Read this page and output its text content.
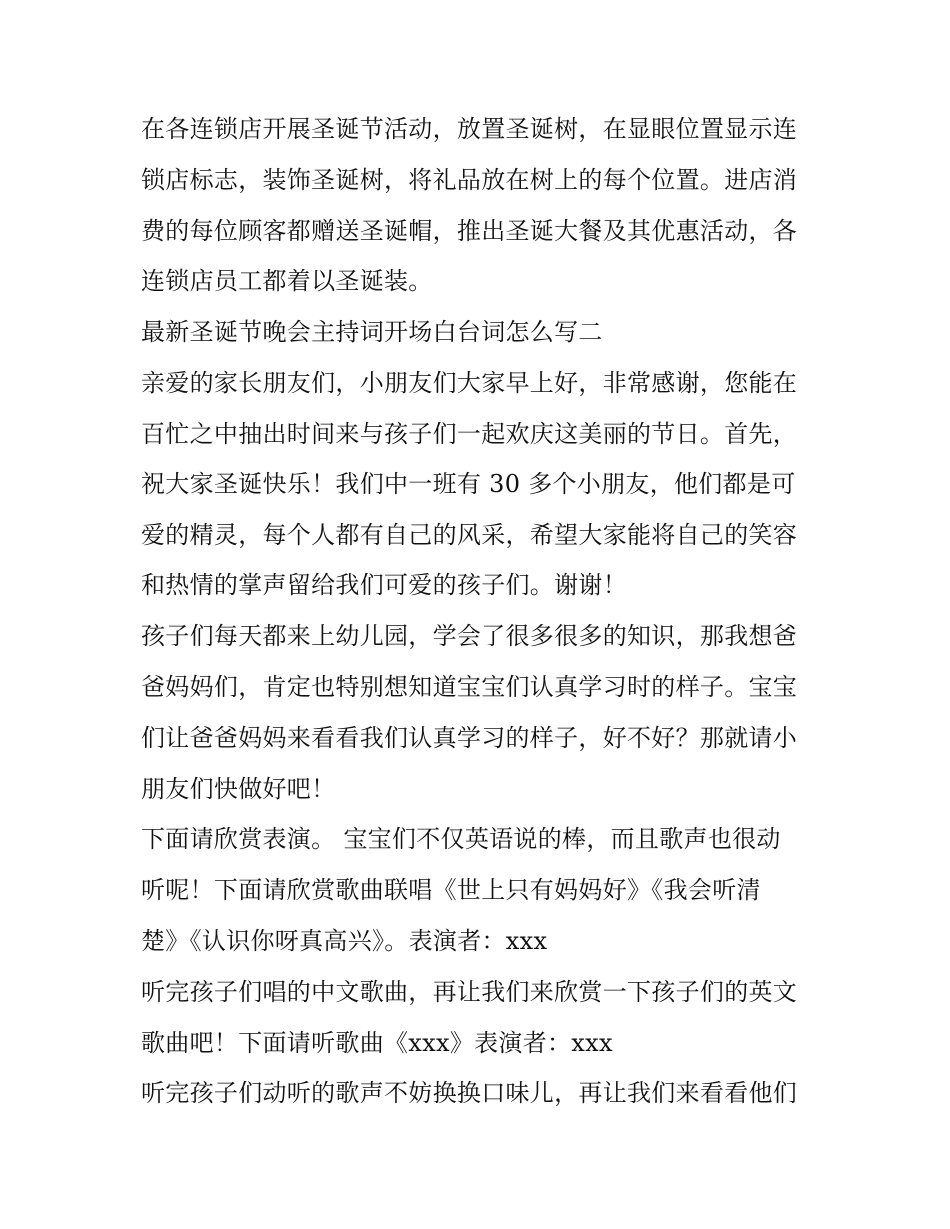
在各连锁店开展圣诞节活动，放置圣诞树，在显眼位置显示连
锁店标志，装饰圣诞树，将礼品放在树上的每个位置。进店消
费的每位顾客都赠送圣诞帽，推出圣诞大餐及其优惠活动，各
连锁店员工都着以圣诞装。
最新圣诞节晚会主持词开场白台词怎么写二
亲爱的家长朋友们，小朋友们大家早上好，非常感谢，您能在
百忙之中抽出时间来与孩子们一起欢庆这美丽的节日。首先，
祝大家圣诞快乐！我们中一班有 30 多个小朋友，他们都是可
爱的精灵，每个人都有自己的风采，希望大家能将自己的笑容
和热情的掌声留给我们可爱的孩子们。谢谢！
孩子们每天都来上幼儿园，学会了很多很多的知识，那我想爸
爸妈妈们，肯定也特别想知道宝宝们认真学习时的样子。宝宝
们让爸爸妈妈来看看我们认真学习的样子，好不好？那就请小
朋友们快做好吧！
下面请欣赏表演。 宝宝们不仅英语说的棒，而且歌声也很动
听呢！下面请欣赏歌曲联唱《世上只有妈妈好》《我会听清
楚》《认识你呀真高兴》。表演者：xxx
听完孩子们唱的中文歌曲，再让我们来欣赏一下孩子们的英文
歌曲吧！下面请听歌曲《xxx》表演者：xxx
听完孩子们动听的歌声不妨换换口味儿，再让我们来看看他们
